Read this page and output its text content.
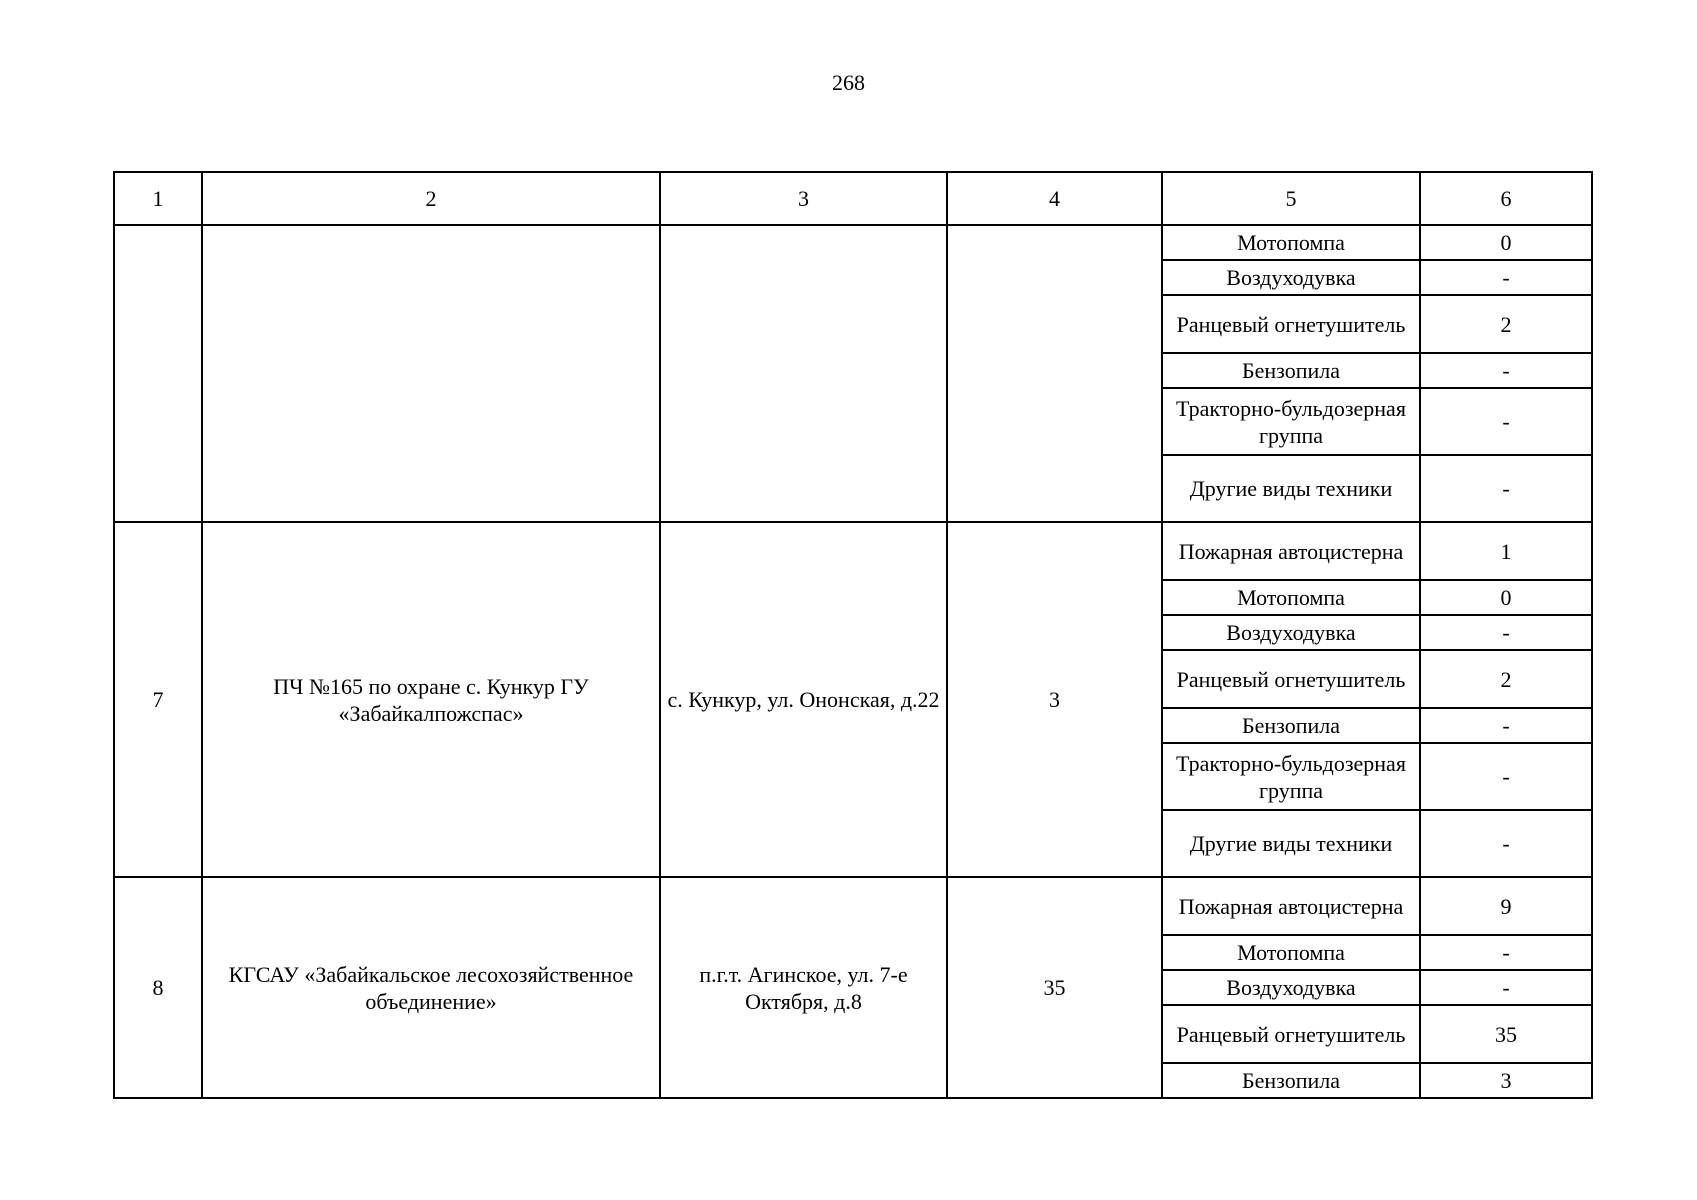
268
1	2	3	4	5	6
				Мотопомпа	0
				Воздуходувка	-
				Ранцевый огнетушитель	2
				Бензопила	-
				Тракторно-бульдозерная группа	-
				Другие виды техники	-
7	ПЧ №165 по охране с. Кункур ГУ «Забайкалпожспас»	с. Кункур, ул. Ононская, д.22	3	Пожарная автоцистерна	1
				Мотопомпа	0
				Воздуходувка	-
				Ранцевый огнетушитель	2
				Бензопила	-
				Тракторно-бульдозерная группа	-
				Другие виды техники	-
8	КГСАУ «Забайкальское лесохозяйственное объединение»	п.г.т. Агинское, ул. 7-е Октября, д.8	35	Пожарная автоцистерна	9
				Мотопомпа	-
				Воздуходувка	-
				Ранцевый огнетушитель	35
				Бензопила	3
